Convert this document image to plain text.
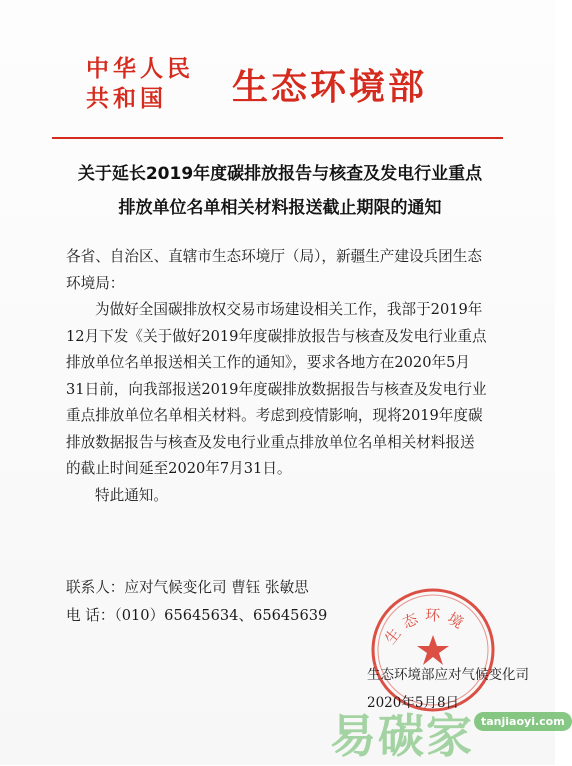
中华人民
共和国	生态环境部
关于延长2019年度碳排放报告与核查及发电行业重点
排放单位名单相关材料报送截止期限的通知
各省、自治区、直辖市生态环境厅（局），新疆生产建设兵团生态
环境局：
为做好全国碳排放权交易市场建设相关工作，我部于2019年
12月下发《关于做好2019年度碳排放报告与核查及发电行业重点
排放单位名单报送相关工作的通知》，要求各地方在2020年5月
31日前，向我部报送2019年度碳排放数据报告与核查及发电行业
重点排放单位名单相关材料。考虑到疫情影响，现将2019年度碳
排放数据报告与核查及发电行业重点排放单位名单相关材料报送
的截止时间延至2020年7月31日。
特此通知。
联系人：应对气候变化司 曹钰 张敏思
电 话：（010）65645634、65645639
生态环境
生态环境部应对气候变化司
2020年5月8日
易碳家 tanjiaoyi.com
